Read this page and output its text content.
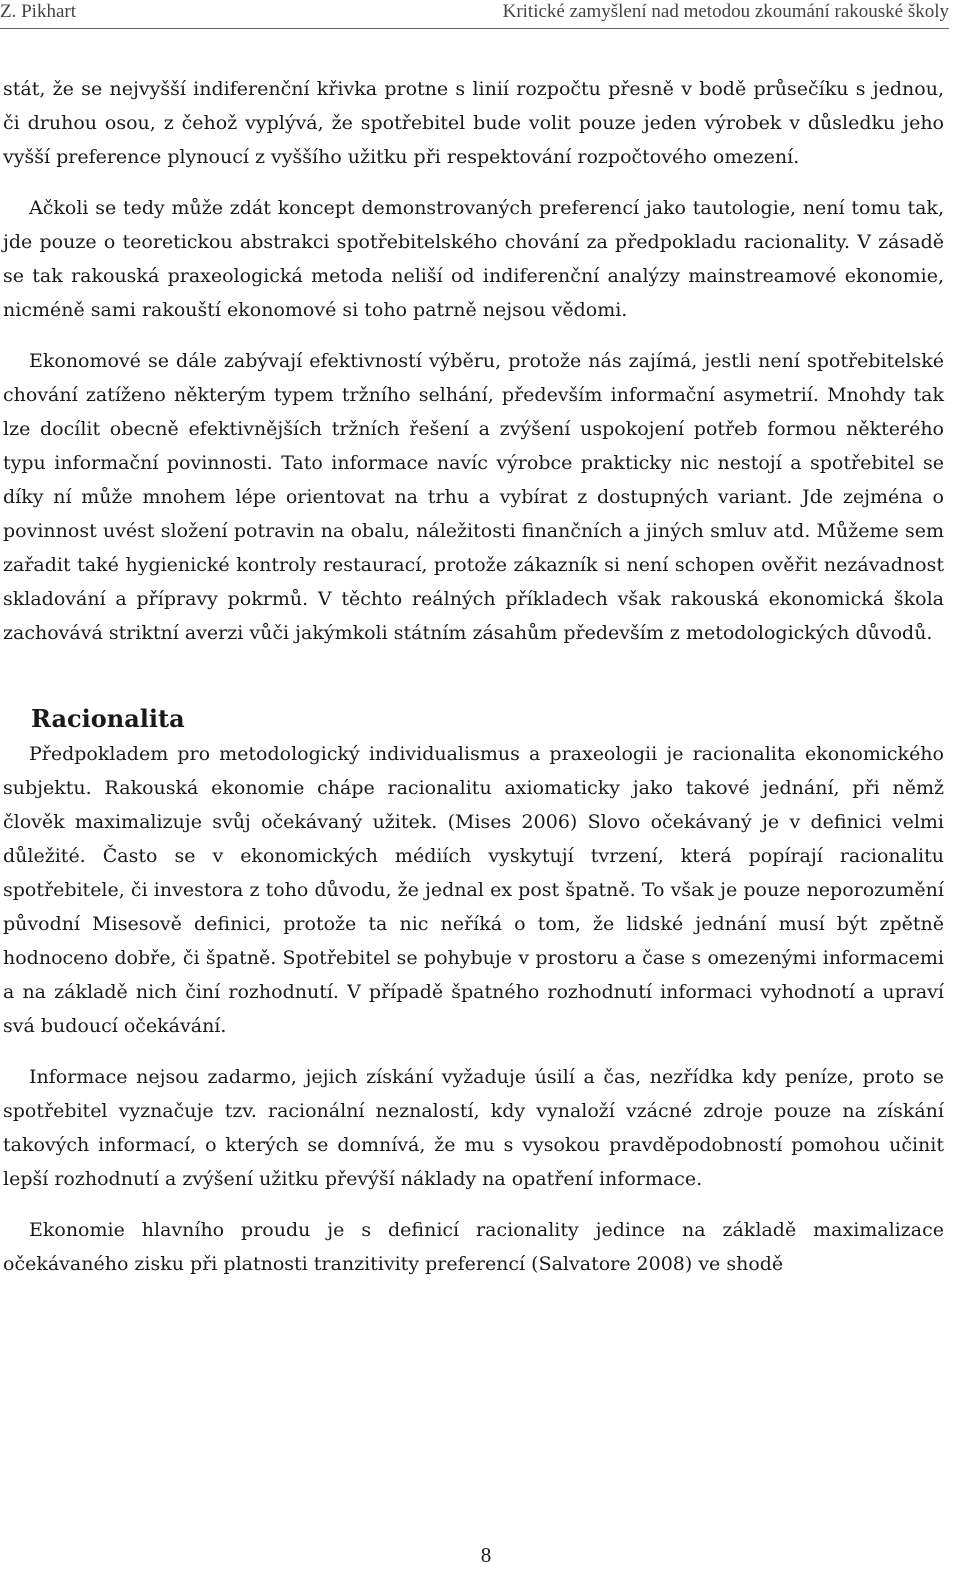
Z. Pikhart	Kritické zamyšlení nad metodou zkoumání rakouské školy

stát, že se nejvyšší indiferenční křivka protne s linií rozpočtu přesně v bodě průsečíku s jednou, či druhou osou, z čehož vyplývá, že spotřebitel bude volit pouze jeden výrobek v důsledku jeho vyšší preference plynoucí z vyššího užitku při respektování rozpočtového omezení.

Ačkoli se tedy může zdát koncept demonstrovaných preferencí jako tautologie, není tomu tak, jde pouze o teoretickou abstrakci spotřebitelského chování za předpokladu racionality. V zásadě se tak rakouská praxeologická metoda neliší od indiferenční analýzy mainstreamové ekonomie, nicméně sami rakouští ekonomové si toho patrně nejsou vědomi.

Ekonomové se dále zabývají efektivností výběru, protože nás zajímá, jestli není spotřebitelské chování zatíženo některým typem tržního selhání, především informační asymetrií. Mnohdy tak lze docílit obecně efektivnějších tržních řešení a zvýšení uspokojení potřeb formou některého typu informační povinnosti. Tato informace navíc výrobce prakticky nic nestojí a spotřebitel se díky ní může mnohem lépe orientovat na trhu a vybírat z dostupných variant. Jde zejména o povinnost uvést složení potravin na obalu, náležitosti finančních a jiných smluv atd. Můžeme sem zařadit také hygienické kontroly restaurací, protože zákazník si není schopen ověřit nezávadnost skladování a přípravy pokrmů. V těchto reálných příkladech však rakouská ekonomická škola zachovává striktní averzi vůči jakýmkoli státním zásahům především z metodologických důvodů.

Racionalita

Předpokladem pro metodologický individualismus a praxeologii je racionalita ekonomického subjektu. Rakouská ekonomie chápe racionalitu axiomaticky jako takové jednání, při němž člověk maximalizuje svůj očekávaný užitek. (Mises 2006) Slovo očekávaný je v definici velmi důležité. Často se v ekonomických médiích vyskytují tvrzení, která popírají racionalitu spotřebitele, či investora z toho důvodu, že jednal ex post špatně. To však je pouze neporozumění původní Misesově definici, protože ta nic neříká o tom, že lidské jednání musí být zpětně hodnoceno dobře, či špatně. Spotřebitel se pohybuje v prostoru a čase s omezenými informacemi a na základě nich činí rozhodnutí. V případě špatného rozhodnutí informaci vyhodnotí a upraví svá budoucí očekávání.

Informace nejsou zadarmo, jejich získání vyžaduje úsilí a čas, nezřídka kdy peníze, proto se spotřebitel vyznačuje tzv. racionální neznalostí, kdy vynaloží vzácné zdroje pouze na získání takových informací, o kterých se domnívá, že mu s vysokou pravděpodobností pomohou učinit lepší rozhodnutí a zvýšení užitku převýší náklady na opatření informace.

Ekonomie hlavního proudu je s definicí racionality jedince na základě maximalizace očekávaného zisku při platnosti tranzitivity preferencí (Salvatore 2008) ve shodě

8
